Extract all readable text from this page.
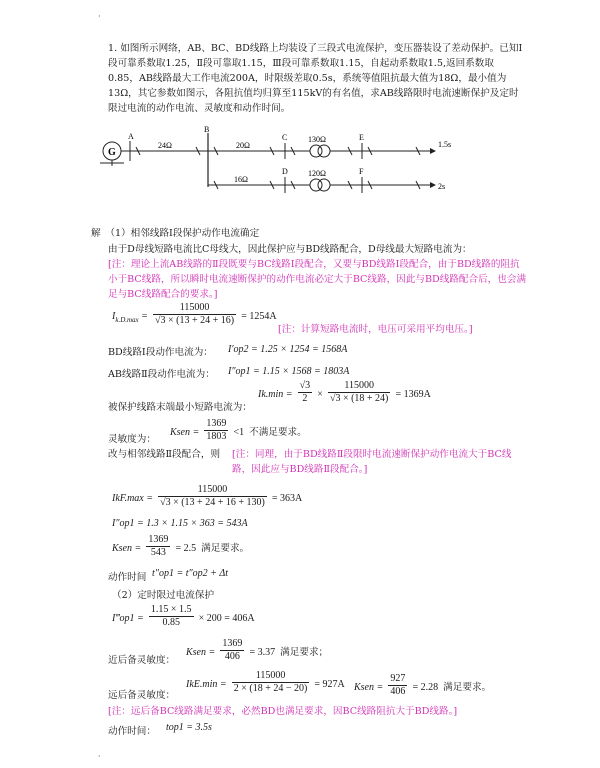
·
·
1. 如图所示网络，AB、BC、BD线路上均装设了三段式电流保护，变压器装设了差动保护。已知Ⅰ段可靠系数取1.25，Ⅱ段可靠取1.15，Ⅲ段可靠系数取1.15，自起动系数取1.5,返回系数取0.85，AB线路最大工作电流200A，时限级差取0.5s，系统等值阻抗最大值为18Ω，最小值为13Ω，其它参数如图示，各阻抗值均归算至115kV的有名值，求AB线路限时电流速断保护及定时限过电流的动作电流、灵敏度和动作时间。
G
A
24Ω
B
20Ω
C	130Ω	E
1.5s
16Ω
D	120Ω	F
2s
解　（1）相邻线路Ⅰ段保护动作电流确定
由于D母线短路电流比C母线大，因此保护应与BD线路配合，D母线最大短路电流为：
[注：理论上流AB线路的Ⅱ段既要与BC线路Ⅰ段配合，又要与BD线路Ⅰ段配合，由于BD线路的阻抗小于BC线路，所以瞬时电流速断保护的动作电流必定大于BC线路，因此与BD线路配合后，也会满足与BC线路配合的要求。]
$I_{k.D.max} = \frac{115000}{√3 \times (13 + 24 + 16)} = 1254A$
[注：计算短路电流时，电压可采用平均电压。]
BD线路Ⅰ段动作电流为： I′op2 = 1.25 × 1254 = 1568A
AB线路Ⅱ段动作电流为： I″op1 = 1.15 × 1568 = 1803A
被保护线路末端最小短路电流为：
$Ik.\min = \frac{√3}{2} \times \frac{115000}{√3 \times (18 + 24)} = 1369A$
灵敏度为：
Ksen = $\frac{1369}{1803} <1$ 不满足要求。
改与相邻线路Ⅱ段配合，则 [注：同理，由于BD线路Ⅱ段限时电流速断保护动作电流大于BC线路，因此应与BD线路Ⅱ段配合。]
$IkF.\max = \frac{115000}{√3 \times (13 + 24 + 16 + 130)} = 363A$
I″op1 = 1.3 × 1.15 × 363 = 543A
Ksen = $\frac{1369}{543} = 2.5$ 满足要求。
动作时间 t″op1 = t″op2 + Δt
（2）定时限过电流保护
I‴op1 = $\frac{1.15 \times 1.5}{0.85} \times 200 = 406A$
近后备灵敏度：
Ksen = $\frac{1369}{406} = 3.37$ 满足要求；
远后备灵敏度：
$IkE.\min = \frac{115000}{2 \times (18 + 24 - 20)} = 927A$ Ksen = $\frac{927}{406} = 2.28$ 满足要求。
[注：远后备BC线路满足要求，必然BD也满足要求，因BC线路阻抗大于BD线路。]
动作时间： top1 = 3.5s
